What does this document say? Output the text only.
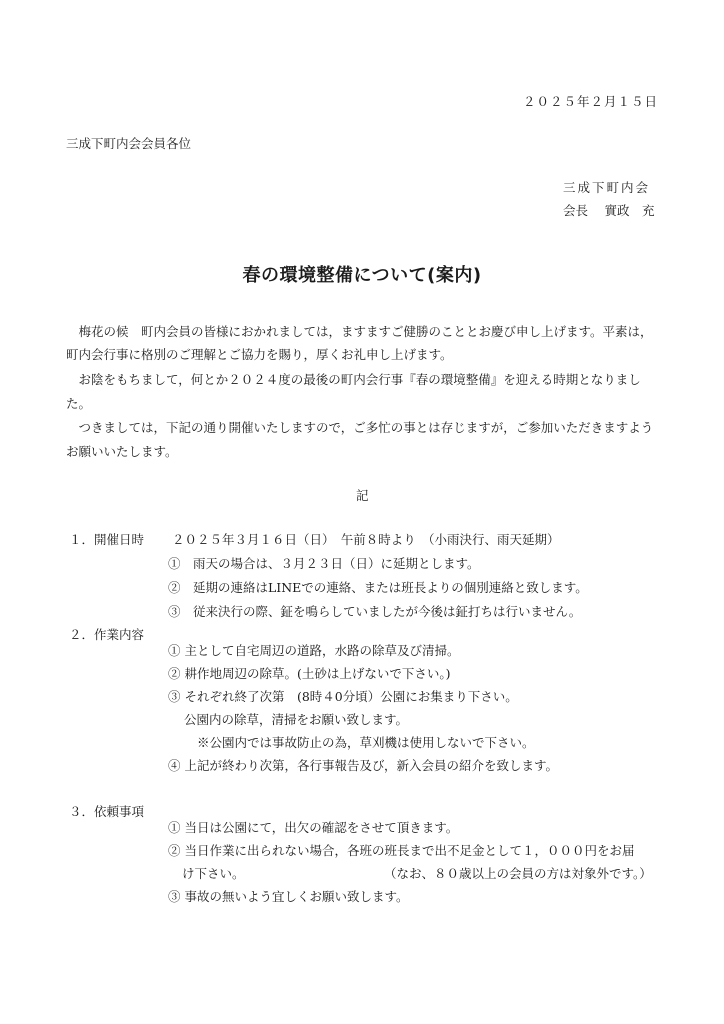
２０２５年２月１５日
三成下町内会会員各位
三成下町内会
会長　 實政　充
春の環境整備について(案内)
　梅花の候　町内会員の皆様におかれましては，ますますご健勝のこととお慶び申し上げます。平素は，
町内会行事に格別のご理解とご協力を賜り，厚くお礼申し上げます。
　お陰をもちまして，何とか２０２４度の最後の町内会行事『春の環境整備』を迎える時期となりまし
た。
　つきましては，下記の通り開催いたしますので，ご多忙の事とは存じますが，ご参加いただきますよう
お願いいたします。
記
１．開催日時 ２０２５年３月１６日（日）　午前８時より　（小雨決行、雨天延期）
①　雨天の場合は、３月２３日（日）に延期とします。
②　延期の連絡はLINEでの連絡、または班長よりの個別連絡と致します。
③　従来決行の際、鉦を鳴らしていましたが今後は鉦打ちは行いません。
２．作業内容
① 主として自宅周辺の道路，水路の除草及び清掃。
② 耕作地周辺の除草。(土砂は上げないで下さい。)
③ それぞれ終了次第　(8時４0分頃）公園にお集まり下さい。
公園内の除草，清掃をお願い致します。
※公園内では事故防止の為，草刈機は使用しないで下さい。
④ 上記が終わり次第，各行事報告及び，新入会員の紹介を致します。
３．依頼事項
① 当日は公園にて，出欠の確認をさせて頂きます。
② 当日作業に出られない場合，各班の班長まで出不足金として１，０００円をお届
け下さい。	（なお、８０歳以上の会員の方は対象外です。）
③ 事故の無いよう宜しくお願い致します。
